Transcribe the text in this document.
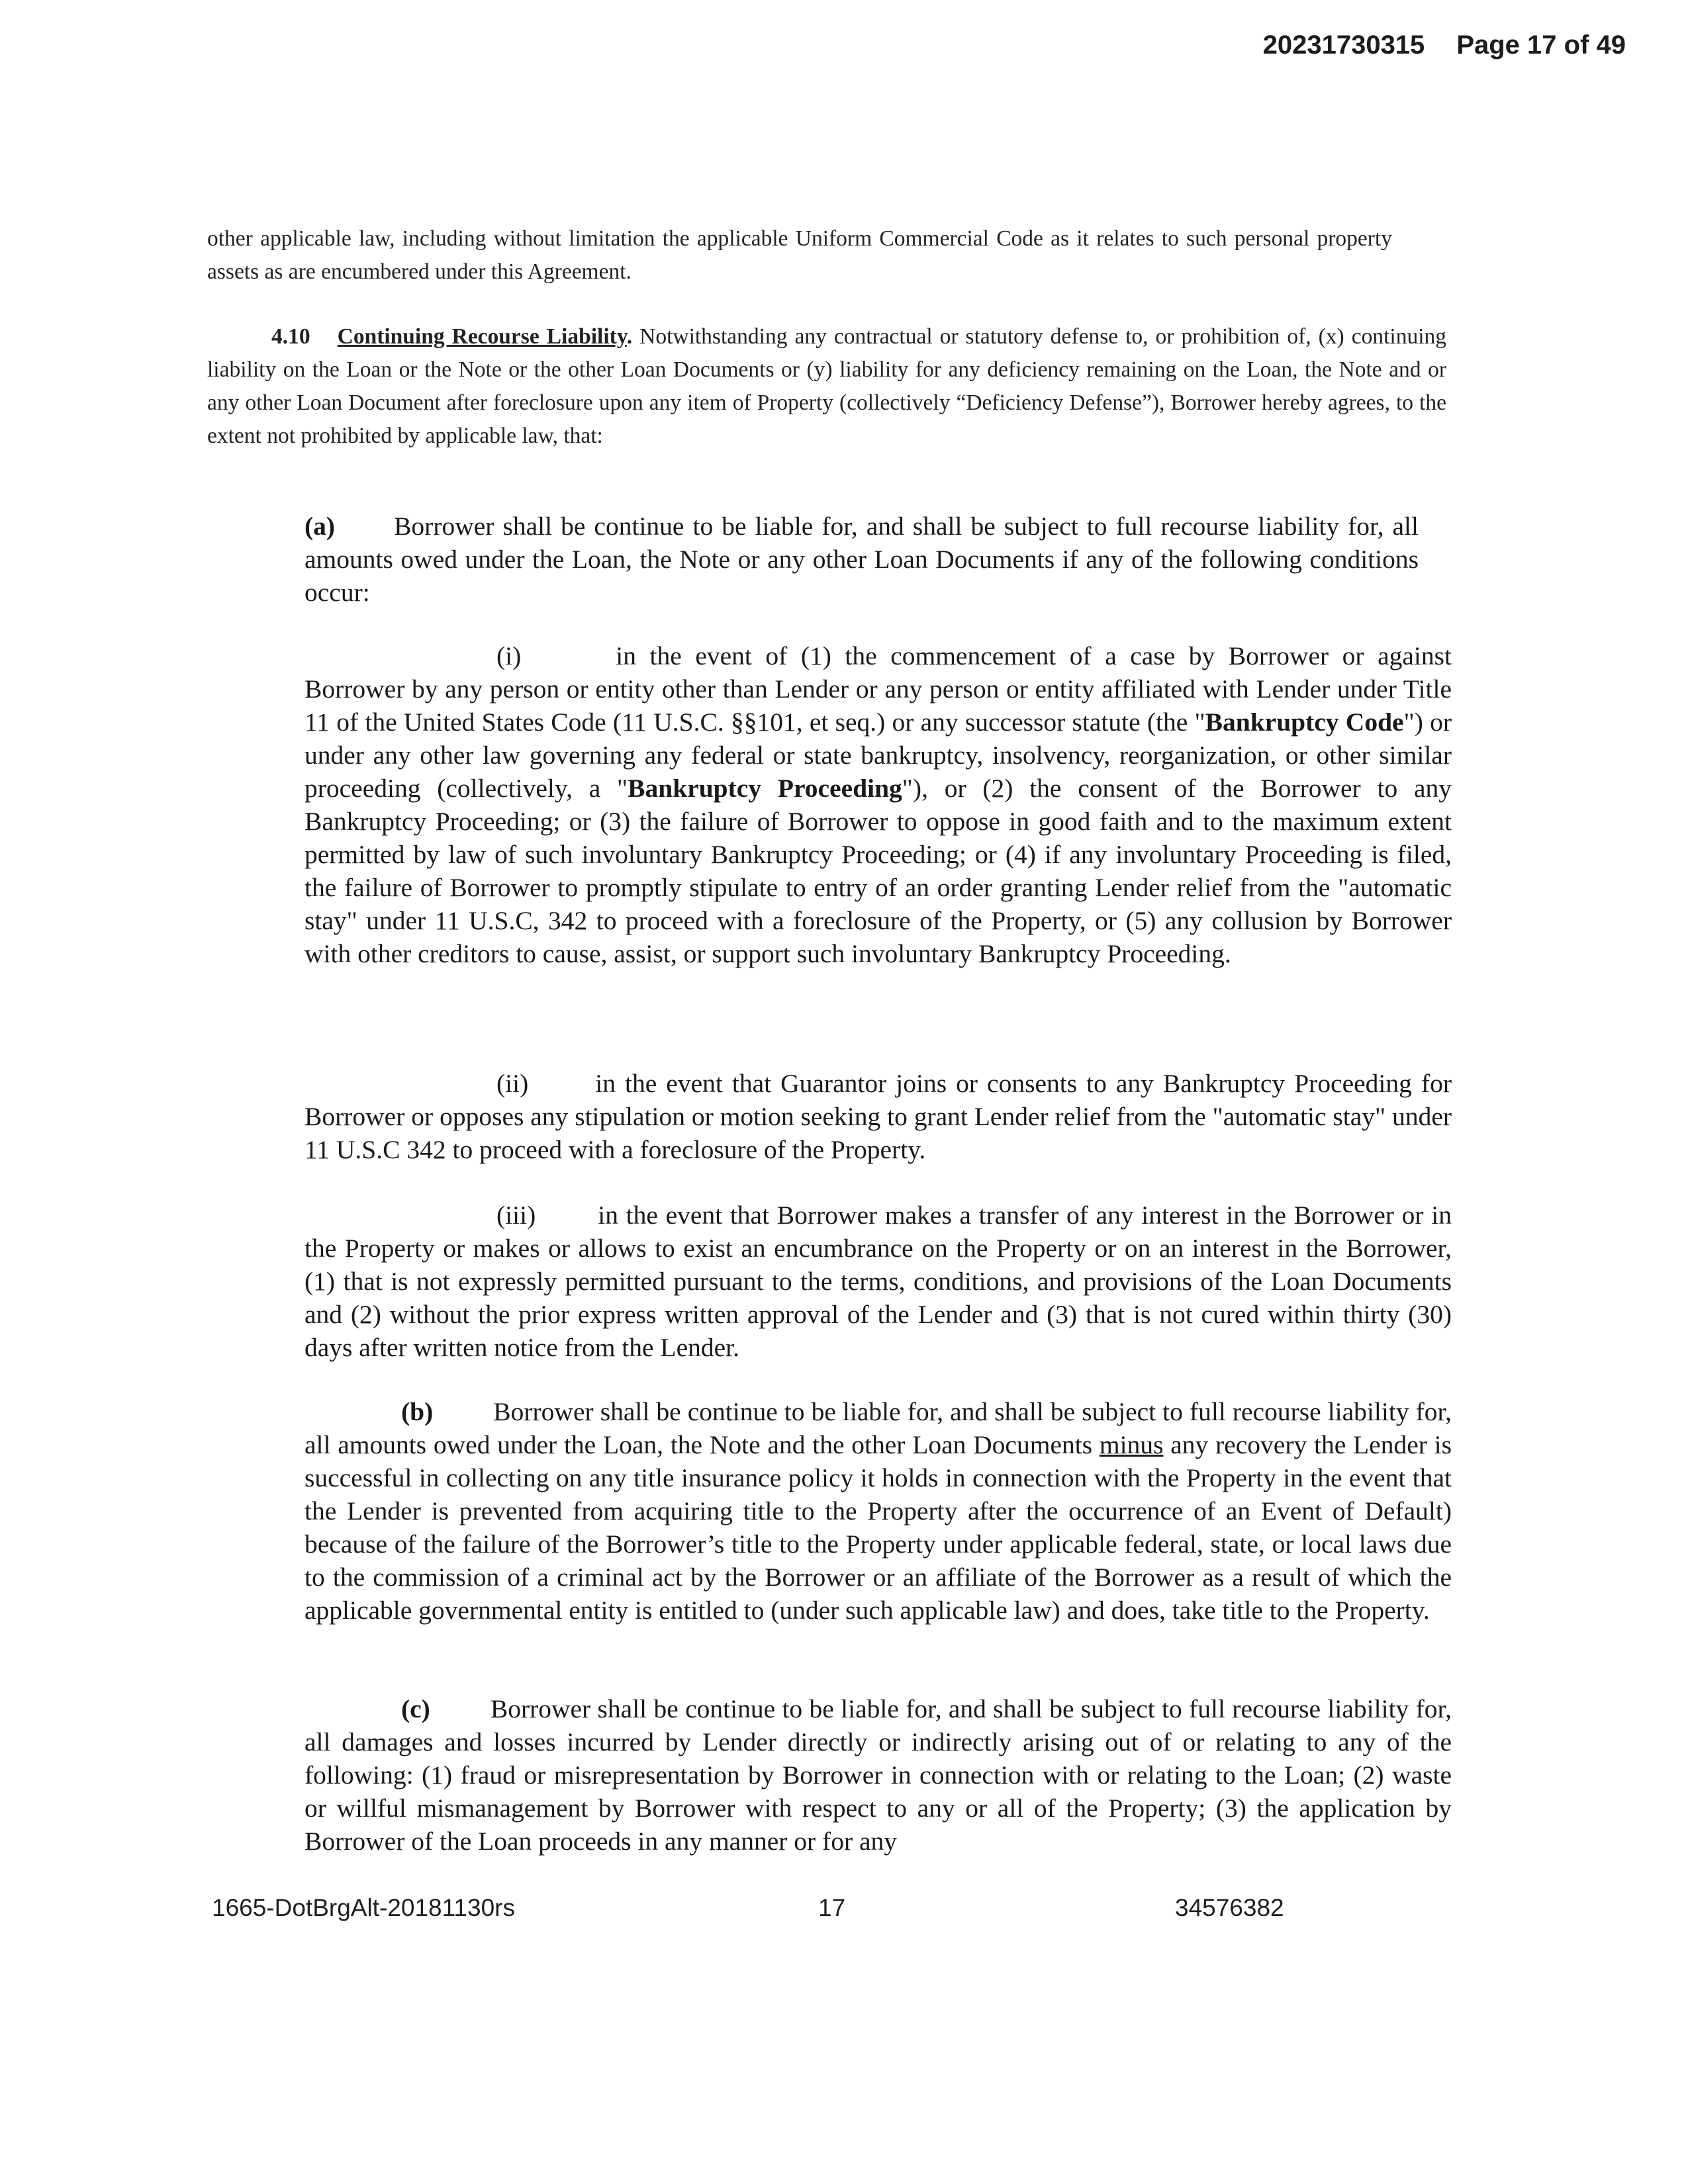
20231730315 Page 17 of 49

other applicable law, including without limitation the applicable Uniform Commercial Code as it relates to such personal property assets as are encumbered under this Agreement.

4.10 Continuing Recourse Liability. Notwithstanding any contractual or statutory defense to, or prohibition of, (x) continuing liability on the Loan or the Note or the other Loan Documents or (y) liability for any deficiency remaining on the Loan, the Note and or any other Loan Document after foreclosure upon any item of Property (collectively “Deficiency Defense”), Borrower hereby agrees, to the extent not prohibited by applicable law, that:

(a) Borrower shall be continue to be liable for, and shall be subject to full recourse liability for, all amounts owed under the Loan, the Note or any other Loan Documents if any of the following conditions occur:

(i)	in the event of (1) the commencement of a case by Borrower or against Borrower by any person or entity other than Lender or any person or entity affiliated with Lender under Title 11 of the United States Code (11 U.S.C. §§101, et seq.) or any successor statute (the "Bankruptcy Code") or under any other law governing any federal or state bankruptcy, insolvency, reorganization, or other similar proceeding (collectively, a "Bankruptcy Proceeding"), or (2) the consent of the Borrower to any Bankruptcy Proceeding; or (3) the failure of Borrower to oppose in good faith and to the maximum extent permitted by law of such involuntary Bankruptcy Proceeding; or (4) if any involuntary Proceeding is filed, the failure of Borrower to promptly stipulate to entry of an order granting Lender relief from the "automatic stay" under 11 U.S.C, 342 to proceed with a foreclosure of the Property, or (5) any collusion by Borrower with other creditors to cause, assist, or support such involuntary Bankruptcy Proceeding.

(ii)	in the event that Guarantor joins or consents to any Bankruptcy Proceeding for Borrower or opposes any stipulation or motion seeking to grant Lender relief from the "automatic stay" under 11 U.S.C 342 to proceed with a foreclosure of the Property.

(iii) in the event that Borrower makes a transfer of any interest in the Borrower or in the Property or makes or allows to exist an encumbrance on the Property or on an interest in the Borrower, (1) that is not expressly permitted pursuant to the terms, conditions, and provisions of the Loan Documents and (2) without the prior express written approval of the Lender and (3) that is not cured within thirty (30) days after written notice from the Lender.

(b) Borrower shall be continue to be liable for, and shall be subject to full recourse liability for, all amounts owed under the Loan, the Note and the other Loan Documents minus any recovery the Lender is successful in collecting on any title insurance policy it holds in connection with the Property in the event that the Lender is prevented from acquiring title to the Property after the occurrence of an Event of Default) because of the failure of the Borrower’s title to the Property under applicable federal, state, or local laws due to the commission of a criminal act by the Borrower or an affiliate of the Borrower as a result of which the applicable governmental entity is entitled to (under such applicable law) and does, take title to the Property.

(c) Borrower shall be continue to be liable for, and shall be subject to full recourse liability for, all damages and losses incurred by Lender directly or indirectly arising out of or relating to any of the following: (1) fraud or misrepresentation by Borrower in connection with or relating to the Loan; (2) waste or willful mismanagement by Borrower with respect to any or all of the Property; (3) the application by Borrower of the Loan proceeds in any manner or for any

1665-DotBrgAlt-20181130rs	17	34576382
